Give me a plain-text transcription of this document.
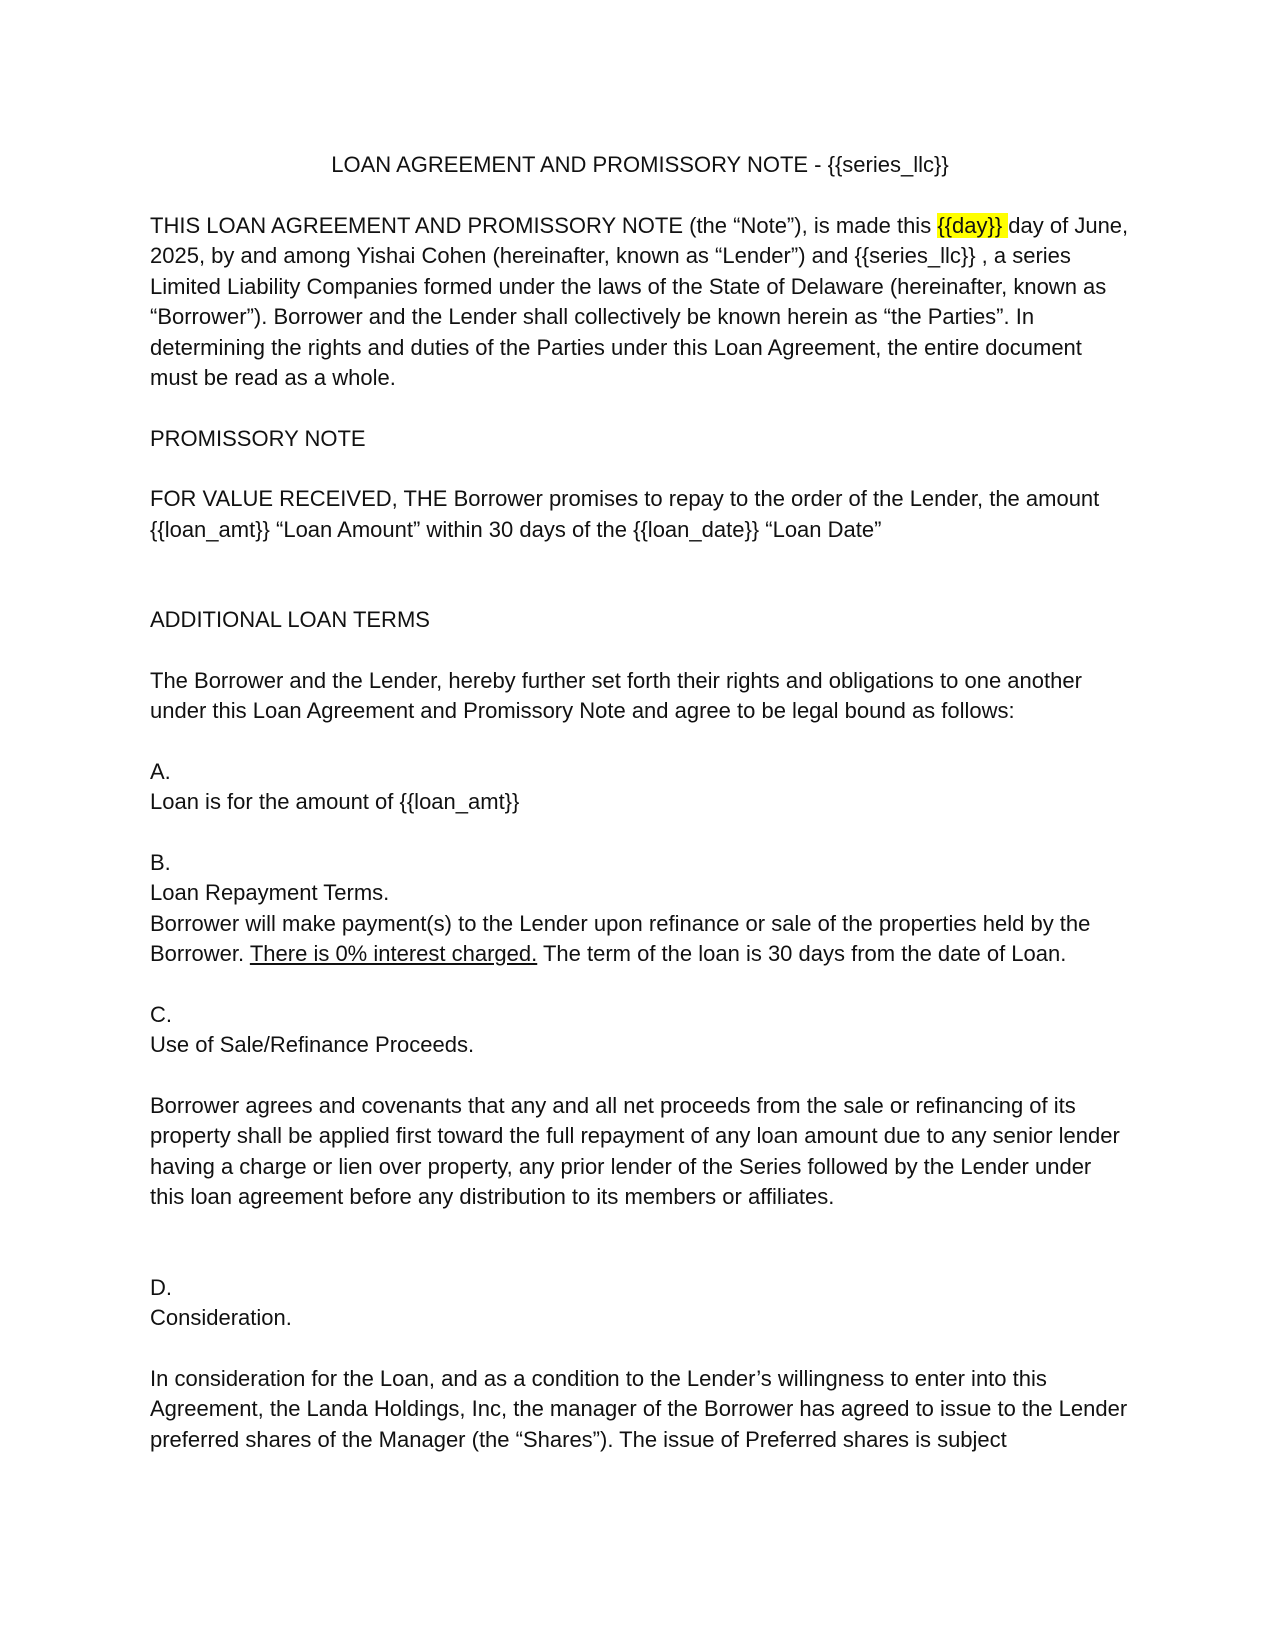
LOAN AGREEMENT AND PROMISSORY NOTE - {{series_llc}}

THIS LOAN AGREEMENT AND PROMISSORY NOTE (the “Note”), is made this {{day}} day of June, 2025, by and among Yishai Cohen (hereinafter, known as “Lender”) and {{series_llc}} , a series Limited Liability Companies formed under the laws of the State of Delaware (hereinafter, known as “Borrower”). Borrower and the Lender shall collectively be known herein as “the Parties”. In determining the rights and duties of the Parties under this Loan Agreement, the entire document must be read as a whole.

PROMISSORY NOTE

FOR VALUE RECEIVED, THE Borrower promises to repay to the order of the Lender, the amount {{loan_amt}} “Loan Amount” within 30 days of the {{loan_date}} “Loan Date”

ADDITIONAL LOAN TERMS

The Borrower and the Lender, hereby further set forth their rights and obligations to one another under this Loan Agreement and Promissory Note and agree to be legal bound as follows:

A.

Loan is for the amount of {{loan_amt}}

B.
Loan Repayment Terms.

Borrower will make payment(s) to the Lender upon refinance or sale of the properties held by the Borrower. There is 0% interest charged. The term of the loan is 30 days from the date of Loan.

C.

Use of Sale/Refinance Proceeds.

Borrower agrees and covenants that any and all net proceeds from the sale or refinancing of its property shall be applied first toward the full repayment of any loan amount due to any senior lender having a charge or lien over property, any prior lender of the Series followed by the Lender under this loan agreement before any distribution to its members or affiliates.

D.

Consideration.

In consideration for the Loan, and as a condition to the Lender’s willingness to enter into this Agreement, the Landa Holdings, Inc, the manager of the Borrower has agreed to issue to the Lender preferred shares of the Manager (the “Shares”). The issue of Preferred shares is subject
